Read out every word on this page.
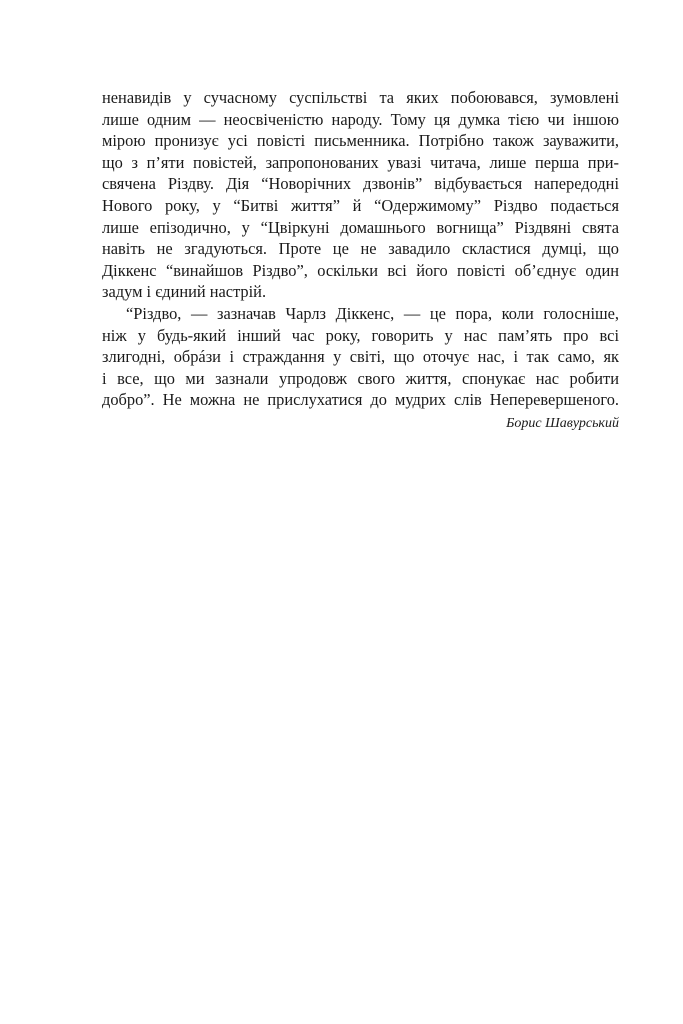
ненавидів у сучасному суспільстві та яких побоювався, зумовлені
лише одним — неосвіченістю народу. Тому ця думка тією чи іншою
мірою пронизує усі повісті письменника. Потрібно також зауважити,
що з п’яти повістей, запропонованих увазі читача, лише перша при-
свячена Різдву. Дія “Новорічних дзвонів” відбувається напередодні
Нового року, у “Битві життя” й “Одержимому” Різдво подається
лише епізодично, у “Цвіркуні домашнього вогнища” Різдвяні свята
навіть не згадуються. Проте це не завадило скластися думці, що
Діккенс “винайшов Різдво”, оскільки всі його повісті об’єднує один
задум і єдиний настрій.
“Різдво, — зазначав Чарлз Діккенс, — це пора, коли голосніше,
ніж у будь-який інший час року, говорить у нас пам’ять про всі
злигодні, обрáзи і страждання у світі, що оточує нас, і так само, як
і все, що ми зазнали упродовж свого життя, спонукає нас робити
добро”. Не можна не прислухатися до мудрих слів Неперевершеного.
Борис Шавурський
